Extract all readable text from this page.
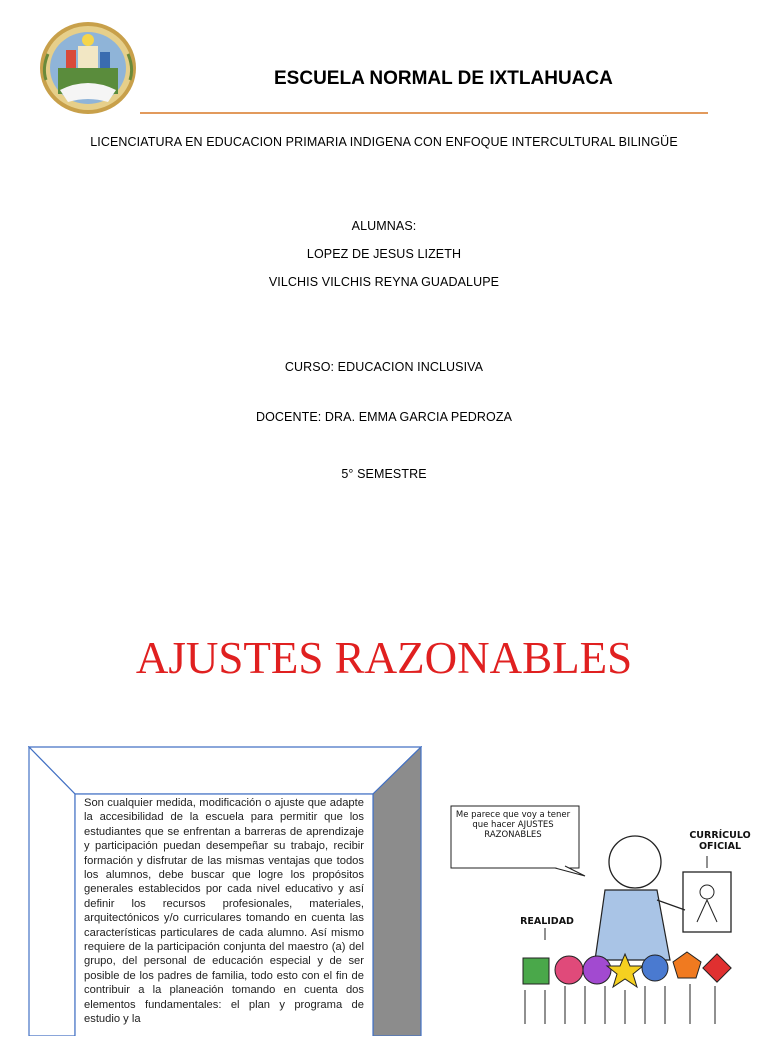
ESCUELA NORMAL DE IXTLAHUACA
LICENCIATURA EN EDUCACION PRIMARIA INDIGENA CON ENFOQUE INTERCULTURAL BILINGÜE
ALUMNAS:
LOPEZ DE JESUS LIZETH
VILCHIS VILCHIS REYNA GUADALUPE
CURSO: EDUCACION INCLUSIVA
DOCENTE: DRA. EMMA GARCIA PEDROZA
5° SEMESTRE
AJUSTES RAZONABLES
Son cualquier medida, modificación o ajuste que adapte la accesibilidad de la escuela para permitir que los estudiantes que se enfrentan a barreras de aprendizaje y participación puedan desempeñar su trabajo, recibir formación y disfrutar de las mismas ventajas que todos los alumnos, debe buscar que logre los propósitos generales establecidos por cada nivel educativo y así definir los recursos profesionales, materiales, arquitectónicos y/o curriculares tomando en cuenta las características particulares de cada alumno. Así mismo requiere de la participación conjunta del maestro (a) del grupo, del personal de educación especial y de ser posible de los padres de familia, todo esto con el fin de contribuir a la planeación tomando en cuenta dos elementos fundamentales: el plan y programa de estudio y la
Me parece que voy a tener que hacer AJUSTES RAZONABLES	CURRÍCULO OFICIAL
REALIDAD
